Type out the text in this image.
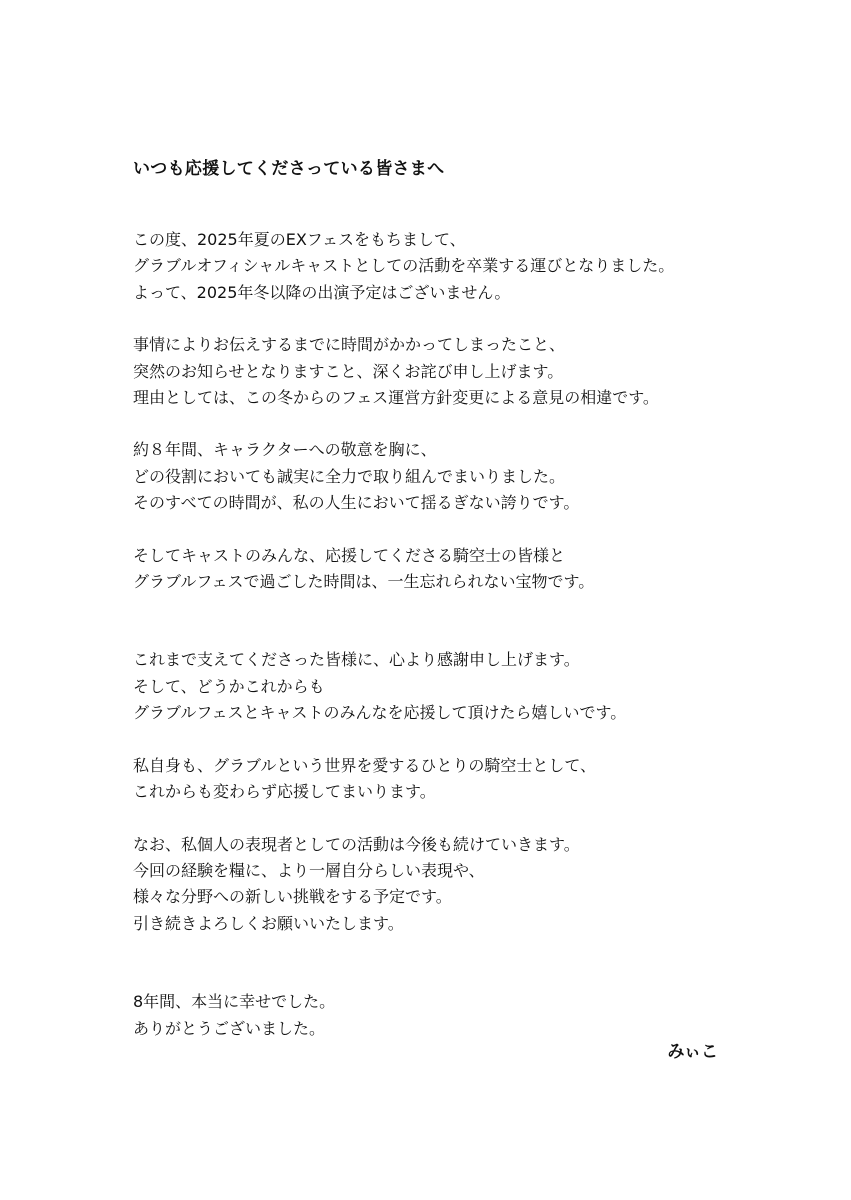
いつも応援してくださっている皆さまへ
この度、2025年夏のEXフェスをもちまして、
グラブルオフィシャルキャストとしての活動を卒業する運びとなりました。
よって、2025年冬以降の出演予定はございません。
事情によりお伝えするまでに時間がかかってしまったこと、
突然のお知らせとなりますこと、深くお詫び申し上げます。
理由としては、この冬からのフェス運営方針変更による意見の相違です。
約８年間、キャラクターへの敬意を胸に、
どの役割においても誠実に全力で取り組んでまいりました。
そのすべての時間が、私の人生において揺るぎない誇りです。
そしてキャストのみんな、応援してくださる騎空士の皆様と
グラブルフェスで過ごした時間は、一生忘れられない宝物です。
これまで支えてくださった皆様に、心より感謝申し上げます。
そして、どうかこれからも
グラブルフェスとキャストのみんなを応援して頂けたら嬉しいです。
私自身も、グラブルという世界を愛するひとりの騎空士として、
これからも変わらず応援してまいります。
なお、私個人の表現者としての活動は今後も続けていきます。
今回の経験を糧に、より一層自分らしい表現や、
様々な分野への新しい挑戦をする予定です。
引き続きよろしくお願いいたします。
8年間、本当に幸せでした。
ありがとうございました。
みぃこ
